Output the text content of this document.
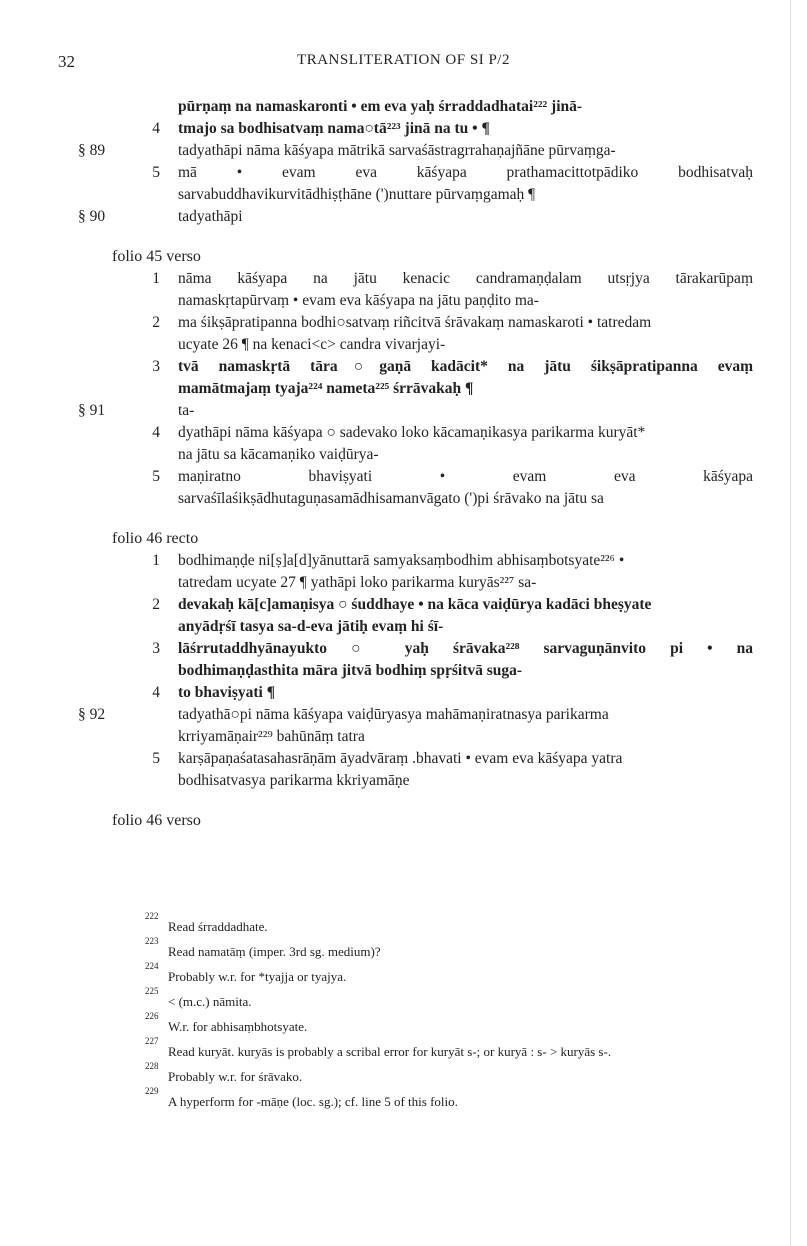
32	TRANSLITERATION OF SI P/2
pūrṇaṃ na namaskaronti • em eva yaḥ śrraddadhatai²²² jinā-
4 tmajo sa bodhisatvaṃ nama○tā²²³ jinā na tu • ¶
§ 89	tadyathāpi nāma kāśyapa mātrikā sarvaśāstragrrahaṇajñāne pūrvaṃga-
5 mā • evam eva kāśyapa prathamacittotpādiko bodhisatvaḥ
sarvabuddhavikurvitādhiṣṭhāne (')nuttare pūrvaṃgamaḥ ¶
§ 90	tadyathāpi
folio 45 verso
1 nāma kāśyapa na jātu kenacic candramaṇḍalam utsṛjya tārakarūpaṃ
namaskṛtapūrvaṃ • evam eva kāśyapa na jātu paṇḍito ma-
2 ma śikṣāpratipanna bodhi○satvaṃ riñcitvā śrāvakaṃ namaskaroti • tatredam
ucyate 26 ¶ na kenaci<c> candra vivarjayi-
3 tvā namaskṛtā tāra○gaṇā kadācit* na jātu śikṣāpratipanna evaṃ
mamātmajaṃ tyaja²²⁴ nameta²²⁵ śrrāvakaḥ ¶
§ 91	ta-
4 dyathāpi nāma kāśyapa ○ sadevako loko kācamaṇikasya parikarma kuryāt*
na jātu sa kācamaṇiko vaiḍūrya-
5 maṇiratno bhaviṣyati • evam eva kāśyapa
sarvaśīlaśikṣādhutaguṇasamādhisamanvāgato (')pi śrāvako na jātu sa
folio 46 recto
1 bodhimaṇḍe ni[ṣ]a[d]yānuttarā samyaksaṃbodhim abhisaṃbotsyate²²⁶ •
tatredam ucyate 27 ¶ yathāpi loko parikarma kuryās²²⁷ sa-
2 devakaḥ kā[c]amaṇisya ○ śuddhaye • na kāca vaiḍūrya kadāci bheṣyate
anyādṛśī tasya sa-d-eva jātiḥ evaṃ hi śī-
3 lāśrrutaddhyānayukto ○ yaḥ śrāvaka²²⁸ sarvaguṇānvito pi • na
bodhimaṇḍasthita māra jitvā bodhiṃ spṛśitvā suga-
4 to bhaviṣyati ¶
§ 92	tadyathā○pi nāma kāśyapa vaiḍūryasya mahāmaṇiratnasya parikarma
krriyamāṇair²²⁹ bahūnāṃ tatra
5 karṣāpaṇaśatasahasrāṇām āyadvāraṃ .bhavati • evam eva kāśyapa yatra
bodhisatvasya parikarma kkriyamāṇe
folio 46 verso
222
Read śrraddadhate.
223
Read namatāṃ (imper. 3rd sg. medium)?
224
Probably w.r. for *tyajja or tyajya.
225
< (m.c.) nāmita.
226
W.r. for abhisaṃbhotsyate.
227
Read kuryāt. kuryās is probably a scribal error for kuryāt s-; or kuryā : s- > kuryās s-.
228
Probably w.r. for śrāvako.
229
A hyperform for -māṇe (loc. sg.); cf. line 5 of this folio.
